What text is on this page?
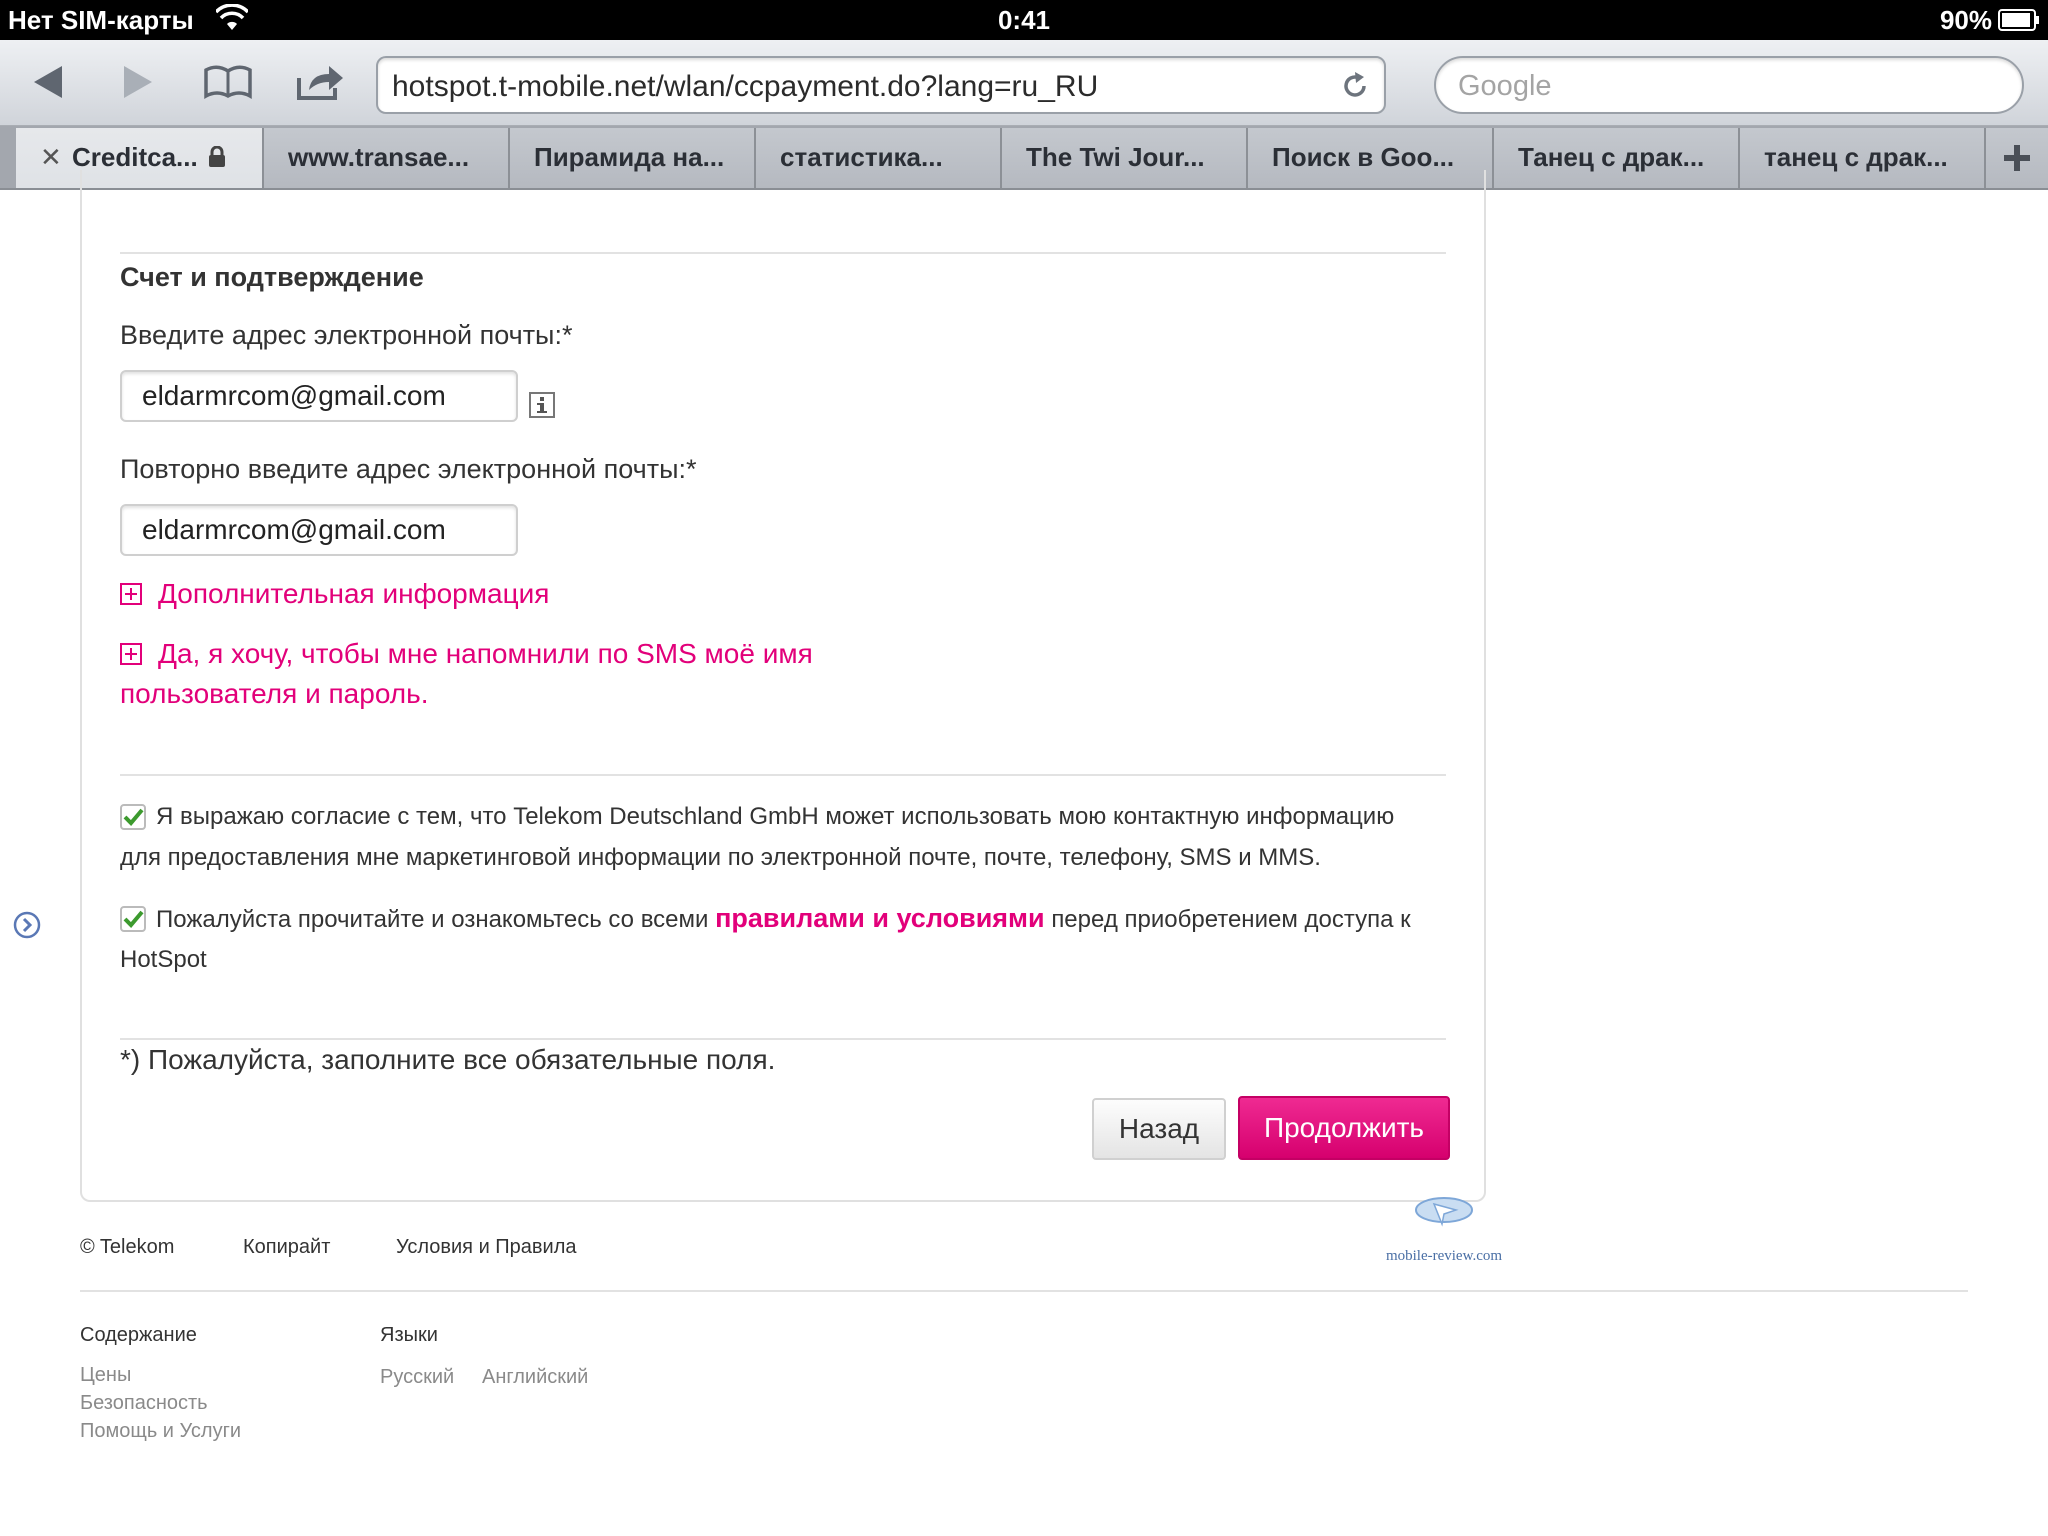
Нет SIM-карты	0:41	90%
hotspot.t-mobile.net/wlan/ccpayment.do?lang=ru_RU
Google
✕ Creditca...	www.transae...	Пирамида на...	статистика...	The Twi Jour...	Поиск в Goo...	Танец с драк...	танец с драк...
Счет и подтверждение
Введите адрес электронной почты:*
eldarmrcom@gmail.com
Повторно введите адрес электронной почты:*
eldarmrcom@gmail.com
Дополнительная информация
Да, я хочу, чтобы мне напомнили по SMS моё имя
пользователя и пароль.
Я выражаю согласие с тем, что Telekom Deutschland GmbH может использовать мою контактную информацию
для предоставления мне маркетинговой информации по электронной почте, почте, телефону, SMS и MMS.
Пожалуйста прочитайте и ознакомьтесь со всеми правилами и условиями перед приобретением доступа к
HotSpot
*) Пожалуйста, заполните все обязательные поля.
Назад	Продолжить
© Telekom	Копирайт	Условия и Правила	mobile-review.com
Содержание
Цены
Безопасность
Помощь и Услуги
Языки
Русский Английский
